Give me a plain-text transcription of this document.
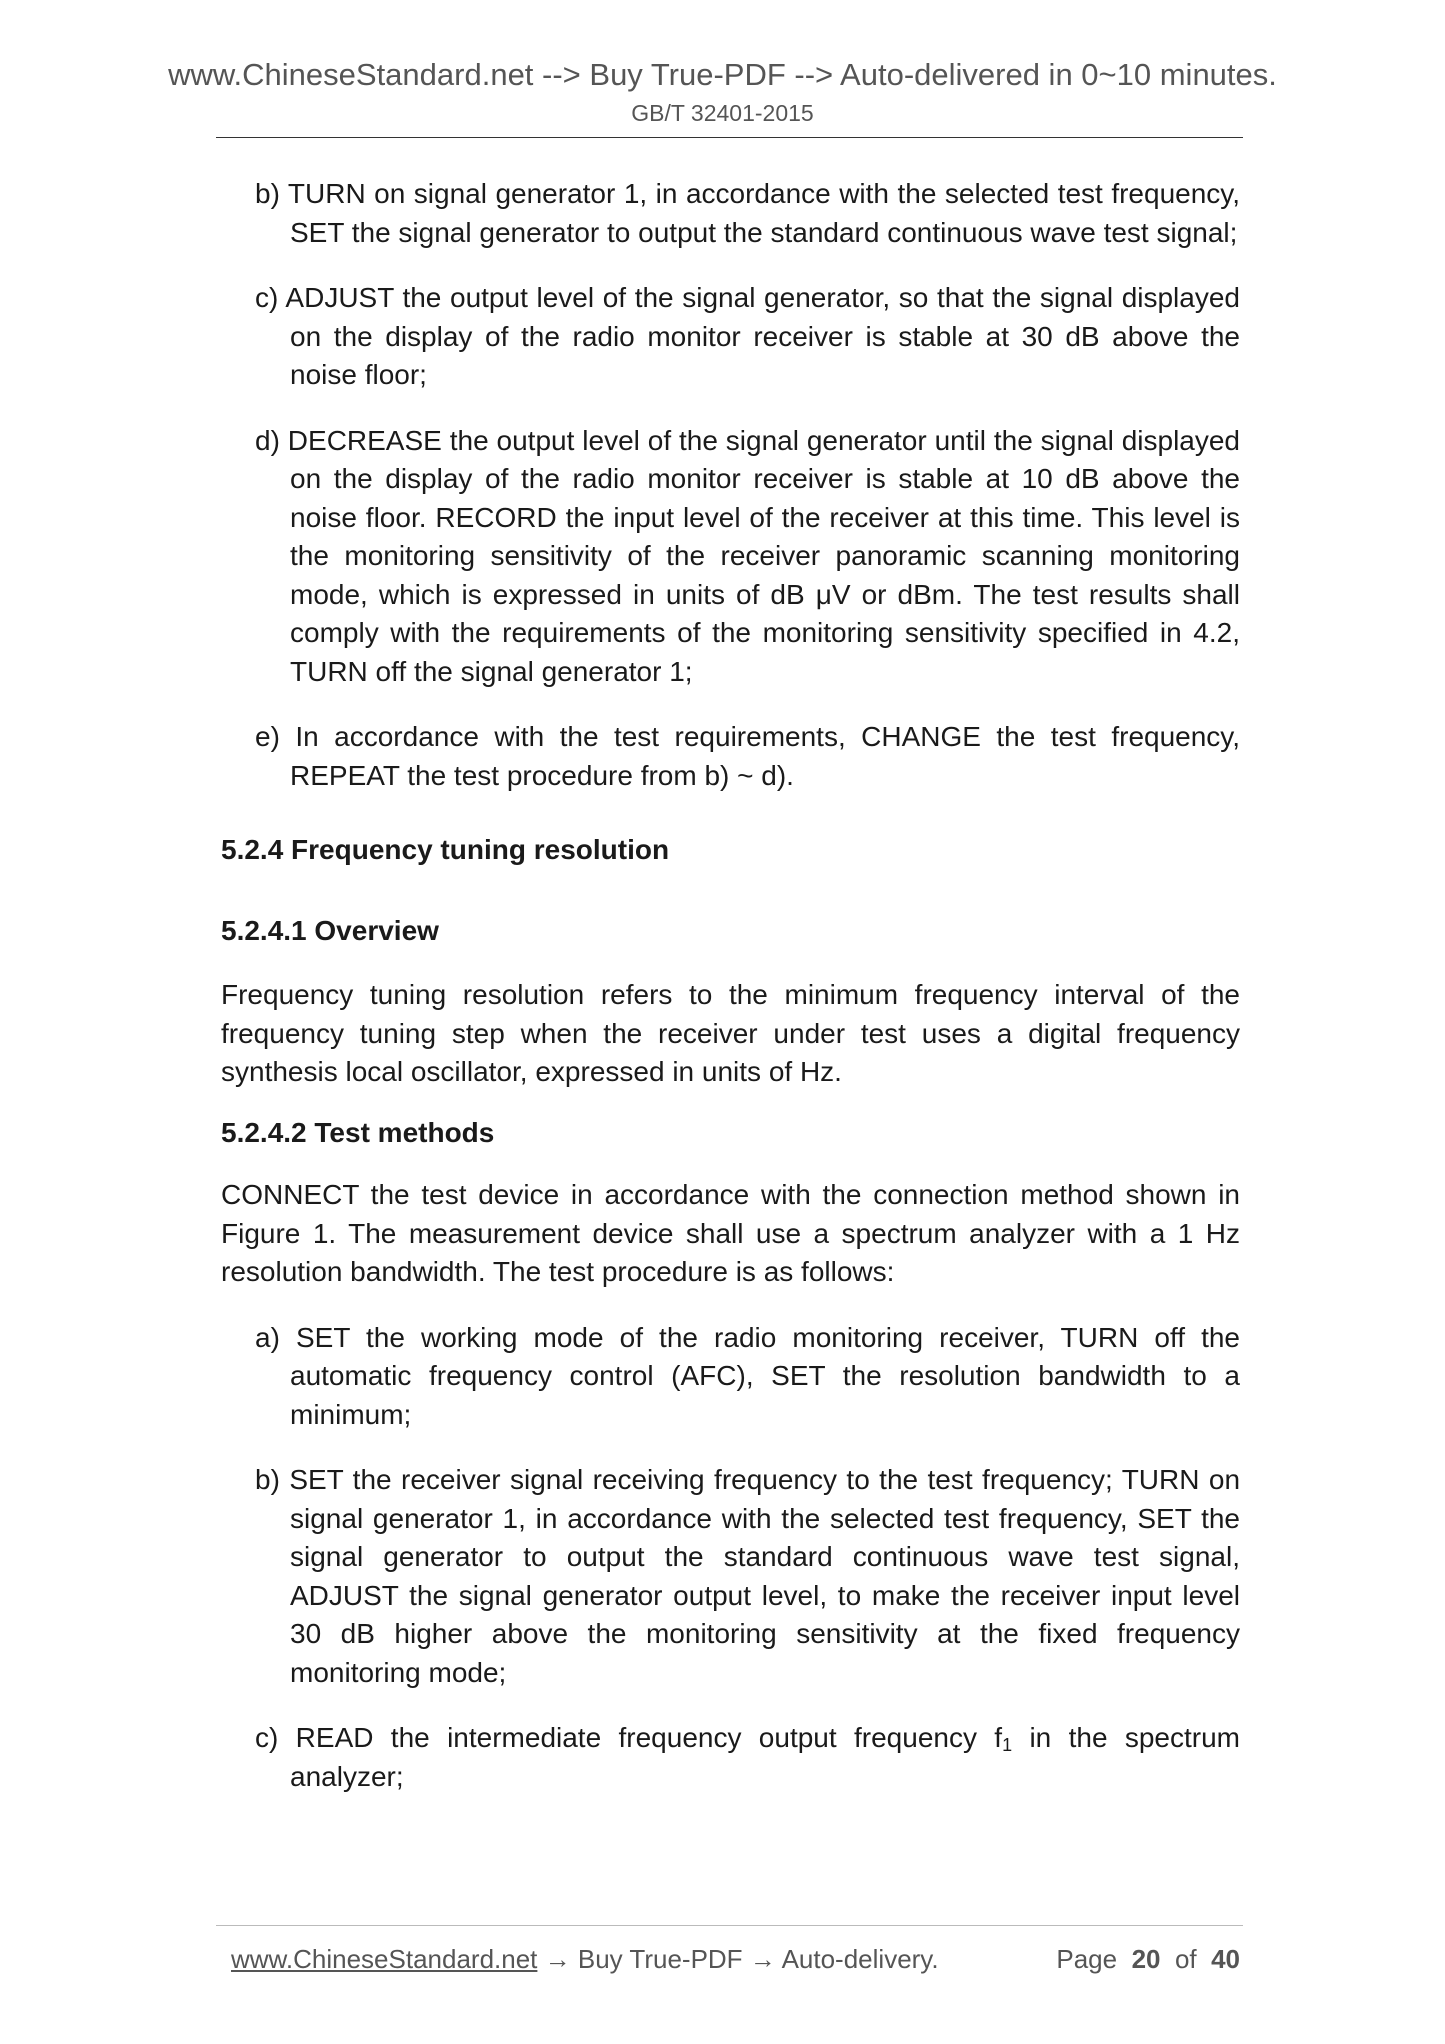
www.ChineseStandard.net --> Buy True-PDF --> Auto-delivered in 0~10 minutes.
GB/T 32401-2015
b) TURN on signal generator 1, in accordance with the selected test frequency, SET the signal generator to output the standard continuous wave test signal;
c) ADJUST the output level of the signal generator, so that the signal displayed on the display of the radio monitor receiver is stable at 30 dB above the noise floor;
d) DECREASE the output level of the signal generator until the signal displayed on the display of the radio monitor receiver is stable at 10 dB above the noise floor. RECORD the input level of the receiver at this time. This level is the monitoring sensitivity of the receiver panoramic scanning monitoring mode, which is expressed in units of dB μV or dBm. The test results shall comply with the requirements of the monitoring sensitivity specified in 4.2, TURN off the signal generator 1;
e) In accordance with the test requirements, CHANGE the test frequency, REPEAT the test procedure from b) ~ d).
5.2.4 Frequency tuning resolution
5.2.4.1 Overview
Frequency tuning resolution refers to the minimum frequency interval of the frequency tuning step when the receiver under test uses a digital frequency synthesis local oscillator, expressed in units of Hz.
5.2.4.2 Test methods
CONNECT the test device in accordance with the connection method shown in Figure 1. The measurement device shall use a spectrum analyzer with a 1 Hz resolution bandwidth. The test procedure is as follows:
a) SET the working mode of the radio monitoring receiver, TURN off the automatic frequency control (AFC), SET the resolution bandwidth to a minimum;
b) SET the receiver signal receiving frequency to the test frequency; TURN on signal generator 1, in accordance with the selected test frequency, SET the signal generator to output the standard continuous wave test signal, ADJUST the signal generator output level, to make the receiver input level 30 dB higher above the monitoring sensitivity at the fixed frequency monitoring mode;
c) READ the intermediate frequency output frequency $f_1$ in the spectrum analyzer;
www.ChineseStandard.net → Buy True-PDF → Auto-delivery.	Page 20 of 40
